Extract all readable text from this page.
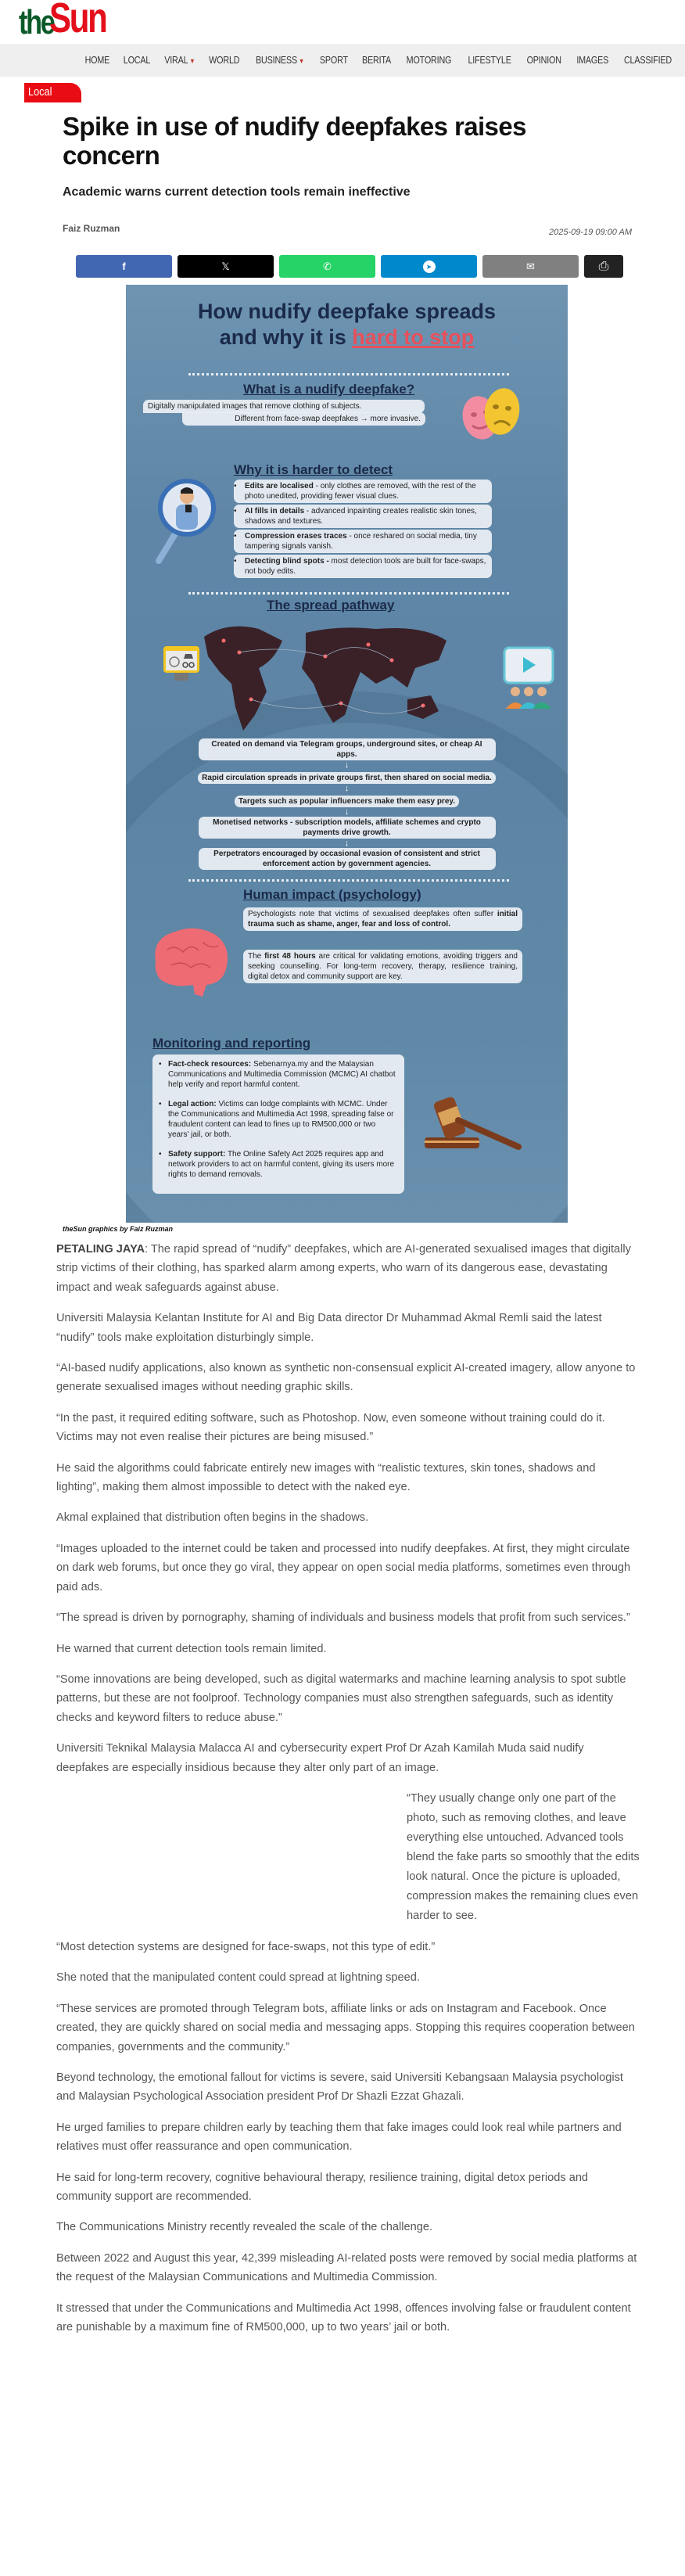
the
Sun
HOME	LOCAL	VIRAL ▼	WORLD	BUSINESS ▼	SPORT	BERITA	MOTORING	LIFESTYLE	OPINION	IMAGES	CLASSIFIED
Local
Spike in use of nudify deepfakes raises concern
Academic warns current detection tools remain ineffective
Faiz Ruzman	2025-09-19 09:00 AM
f	𝕏	✆	➤	✉	⎙
How nudify deepfake spreads
and why it is hard to stop
What is a nudify deepfake?
Digitally manipulated images that remove clothing of subjects.
Different from face-swap deepfakes → more invasive.
Why it is harder to detect
• Edits are localised - only clothes are removed, with the rest of the photo unedited, providing fewer visual clues.
• AI fills in details - advanced inpainting creates realistic skin tones, shadows and textures.
• Compression erases traces - once reshared on social media, tiny tampering signals vanish.
• Detecting blind spots - most detection tools are built for face-swaps, not body edits.
The spread pathway
Created on demand via Telegram groups, underground sites, or cheap AI apps.
↓
Rapid circulation spreads in private groups first, then shared on social media.
↓
Targets such as popular influencers make them easy prey.
↓
Monetised networks - subscription models, affiliate schemes and crypto payments drive growth.
↓
Perpetrators encouraged by occasional evasion of consistent and strict enforcement action by government agencies.
Human impact (psychology)
Psychologists note that victims of sexualised deepfakes often suffer initial trauma such as shame, anger, fear and loss of control.
The first 48 hours are critical for validating emotions, avoiding triggers and seeking counselling. For long-term recovery, therapy, resilience training, digital detox and community support are key.
Monitoring and reporting
• Fact-check resources: Sebenarnya.my and the Malaysian Communications and Multimedia Commission (MCMC) AI chatbot help verify and report harmful content.
• Legal action: Victims can lodge complaints with MCMC. Under the Communications and Multimedia Act 1998, spreading false or fraudulent content can lead to fines up to RM500,000 or two years' jail, or both.
• Safety support: The Online Safety Act 2025 requires app and network providers to act on harmful content, giving its users more rights to demand removals.
theSun graphics by Faiz Ruzman

PETALING JAYA: The rapid spread of “nudify” deepfakes, which are AI-generated sexualised images that digitally strip victims of their clothing, has sparked alarm among experts, who warn of its dangerous ease, devastating impact and weak safeguards against abuse.

Universiti Malaysia Kelantan Institute for AI and Big Data director Dr Muhammad Akmal Remli said the latest “nudify” tools make exploitation disturbingly simple.

“AI-based nudify applications, also known as synthetic non-consensual explicit AI-created imagery, allow anyone to generate sexualised images without needing graphic skills.

“In the past, it required editing software, such as Photoshop. Now, even someone without training could do it. Victims may not even realise their pictures are being misused.”

He said the algorithms could fabricate entirely new images with “realistic textures, skin tones, shadows and lighting”, making them almost impossible to detect with the naked eye.

Akmal explained that distribution often begins in the shadows.

“Images uploaded to the internet could be taken and processed into nudify deepfakes. At first, they might circulate on dark web forums, but once they go viral, they appear on open social media platforms, sometimes even through paid ads.

“The spread is driven by pornography, shaming of individuals and business models that profit from such services.”

He warned that current detection tools remain limited.

“Some innovations are being developed, such as digital watermarks and machine learning analysis to spot subtle patterns, but these are not foolproof. Technology companies must also strengthen safeguards, such as identity checks and keyword filters to reduce abuse.”

Universiti Teknikal Malaysia Malacca AI and cybersecurity expert Prof Dr Azah Kamilah Muda said nudify deepfakes are especially insidious because they alter only part of an image.

“They usually change only one part of the photo, such as removing clothes, and leave everything else untouched. Advanced tools blend the fake parts so smoothly that the edits look natural. Once the picture is uploaded, compression makes the remaining clues even harder to see.

“Most detection systems are designed for face-swaps, not this type of edit.”

She noted that the manipulated content could spread at lightning speed.

“These services are promoted through Telegram bots, affiliate links or ads on Instagram and Facebook. Once created, they are quickly shared on social media and messaging apps. Stopping this requires cooperation between companies, governments and the community.”

Beyond technology, the emotional fallout for victims is severe, said Universiti Kebangsaan Malaysia psychologist and Malaysian Psychological Association president Prof Dr Shazli Ezzat Ghazali.

He urged families to prepare children early by teaching them that fake images could look real while partners and relatives must offer reassurance and open communication.

He said for long-term recovery, cognitive behavioural therapy, resilience training, digital detox periods and community support are recommended.

The Communications Ministry recently revealed the scale of the challenge.

Between 2022 and August this year, 42,399 misleading AI-related posts were removed by social media platforms at the request of the Malaysian Communications and Multimedia Commission.

It stressed that under the Communications and Multimedia Act 1998, offences involving false or fraudulent content are punishable by a maximum fine of RM500,000, up to two years’ jail or both.
